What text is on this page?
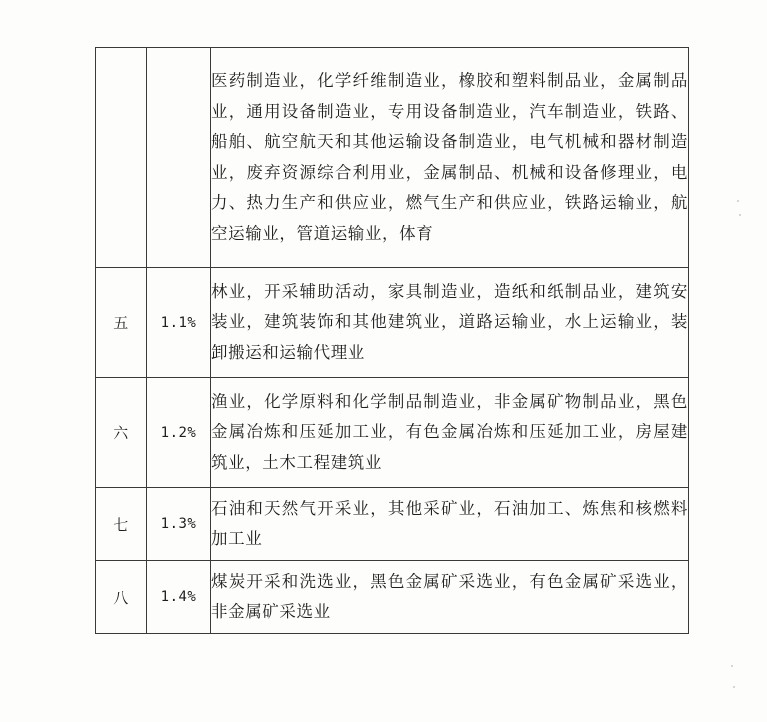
		医药制造业，化学纤维制造业，橡胶和塑料制品业，金属制品业，通用设备制造业，专用设备制造业，汽车制造业，铁路、船舶、航空航天和其他运输设备制造业，电气机械和器材制造业，废弃资源综合利用业，金属制品、机械和设备修理业，电力、热力生产和供应业，燃气生产和供应业，铁路运输业，航空运输业，管道运输业，体育
五	1.1%	林业，开采辅助活动，家具制造业，造纸和纸制品业，建筑安装业，建筑装饰和其他建筑业，道路运输业，水上运输业，装卸搬运和运输代理业
六	1.2%	渔业，化学原料和化学制品制造业，非金属矿物制品业，黑色金属冶炼和压延加工业，有色金属冶炼和压延加工业，房屋建筑业，土木工程建筑业
七	1.3%	石油和天然气开采业，其他采矿业，石油加工、炼焦和核燃料加工业
八	1.4%	煤炭开采和洗选业，黑色金属矿采选业，有色金属矿采选业，非金属矿采选业
